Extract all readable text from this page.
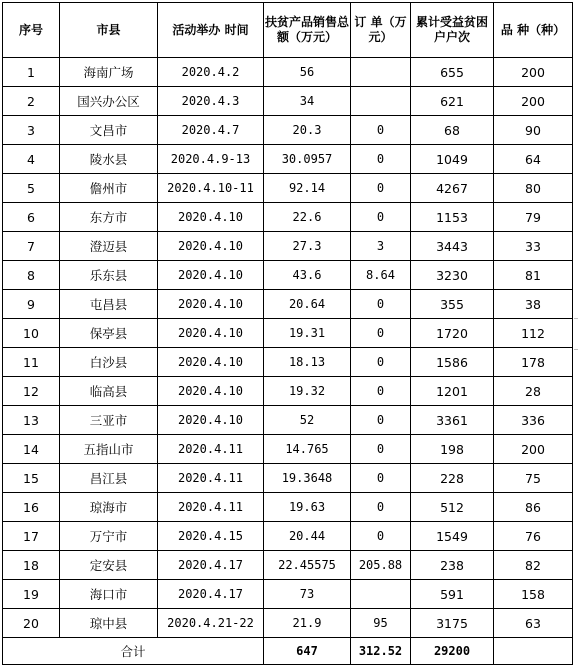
序号	市县	活动举办 时间	扶贫产品销售总额（万元）	订 单（万元）	累计受益贫困户户次	品 种（种）
1	海南广场	2020.4.2	56		655	200
2	国兴办公区	2020.4.3	34		621	200
3	文昌市	2020.4.7	20.3	0	68	90
4	陵水县	2020.4.9-13	30.0957	0	1049	64
5	儋州市	2020.4.10-11	92.14	0	4267	80
6	东方市	2020.4.10	22.6	0	1153	79
7	澄迈县	2020.4.10	27.3	3	3443	33
8	乐东县	2020.4.10	43.6	8.64	3230	81
9	屯昌县	2020.4.10	20.64	0	355	38
10	保亭县	2020.4.10	19.31	0	1720	112
11	白沙县	2020.4.10	18.13	0	1586	178
12	临高县	2020.4.10	19.32	0	1201	28
13	三亚市	2020.4.10	52	0	3361	336
14	五指山市	2020.4.11	14.765	0	198	200
15	昌江县	2020.4.11	19.3648	0	228	75
16	琼海市	2020.4.11	19.63	0	512	86
17	万宁市	2020.4.15	20.44	0	1549	76
18	定安县	2020.4.17	22.45575	205.88	238	82
19	海口市	2020.4.17	73		591	158
20	琼中县	2020.4.21-22	21.9	95	3175	63
合计			647	312.52	29200	
